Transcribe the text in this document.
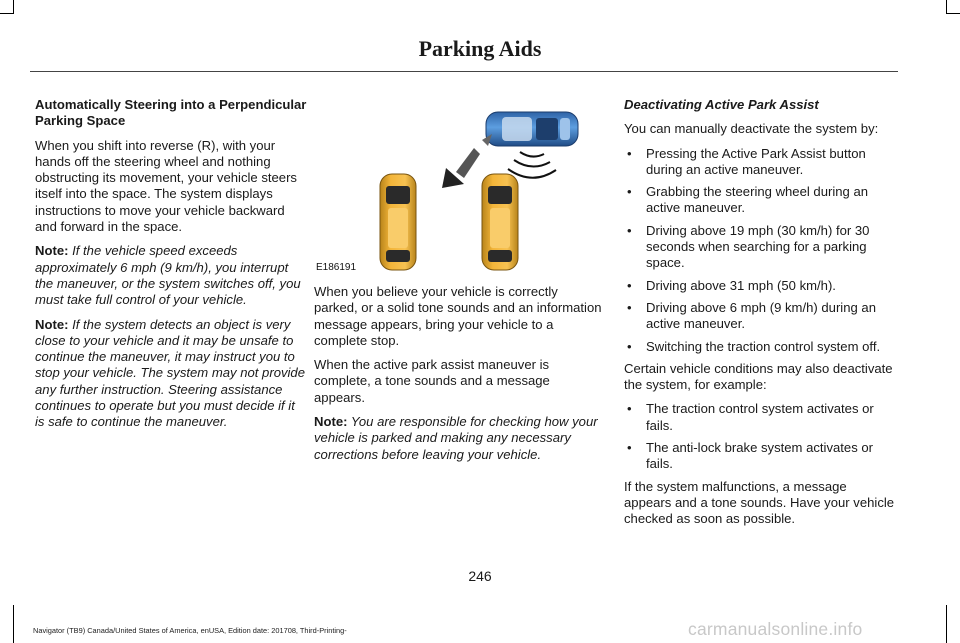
Parking Aids

Automatically Steering into a Perpendicular Parking Space

When you shift into reverse (R), with your hands off the steering wheel and nothing obstructing its movement, your vehicle steers itself into the space. The system displays instructions to move your vehicle backward and forward in the space.

Note: If the vehicle speed exceeds approximately 6 mph (9 km/h), you interrupt the maneuver, or the system switches off, you must take full control of your vehicle.

Note: If the system detects an object is very close to your vehicle and it may be unsafe to continue the maneuver, it may instruct you to stop your vehicle. The system may not provide any further instruction. Steering assistance continues to operate but you must decide if it is safe to continue the maneuver.

E186191

When you believe your vehicle is correctly parked, or a solid tone sounds and an information message appears, bring your vehicle to a complete stop.

When the active park assist maneuver is complete, a tone sounds and a message appears.

Note: You are responsible for checking how your vehicle is parked and making any necessary corrections before leaving your vehicle.

Deactivating Active Park Assist

You can manually deactivate the system by:

• Pressing the Active Park Assist button during an active maneuver.
• Grabbing the steering wheel during an active maneuver.
• Driving above 19 mph (30 km/h) for 30 seconds when searching for a parking space.
• Driving above 31 mph (50 km/h).
• Driving above 6 mph (9 km/h) during an active maneuver.
• Switching the traction control system off.

Certain vehicle conditions may also deactivate the system, for example:

• The traction control system activates or fails.
• The anti-lock brake system activates or fails.

If the system malfunctions, a message appears and a tone sounds. Have your vehicle checked as soon as possible.

246
Navigator (TB9) Canada/United States of America, enUSA, Edition date: 201708, Third-Printing-	carmanualsonline.info
